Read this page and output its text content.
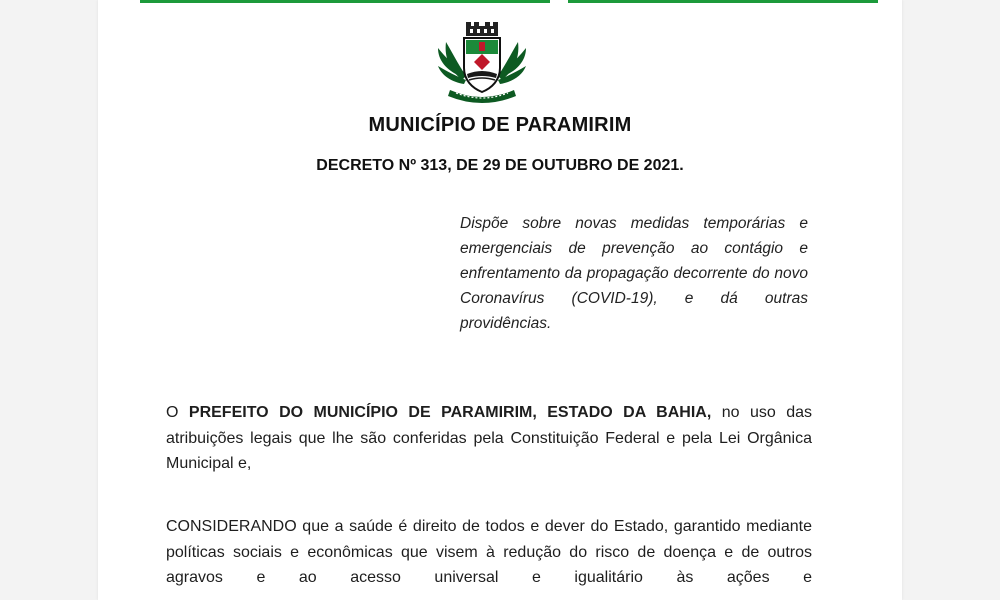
MUNICÍPIO DE PARAMIRIM
DECRETO Nº 313, DE 29 DE OUTUBRO DE 2021.
Dispõe sobre novas medidas temporárias e emergenciais de prevenção ao contágio e enfrentamento da propagação decorrente do novo Coronavírus (COVID-19), e dá outras providências.

O PREFEITO DO MUNICÍPIO DE PARAMIRIM, ESTADO DA BAHIA, no uso das atribuições legais que lhe são conferidas pela Constituição Federal e pela Lei Orgânica Municipal e,

CONSIDERANDO que a saúde é direito de todos e dever do Estado, garantido mediante políticas sociais e econômicas que visem à redução do risco de doença e de outros agravos e ao acesso universal e igualitário às ações e
